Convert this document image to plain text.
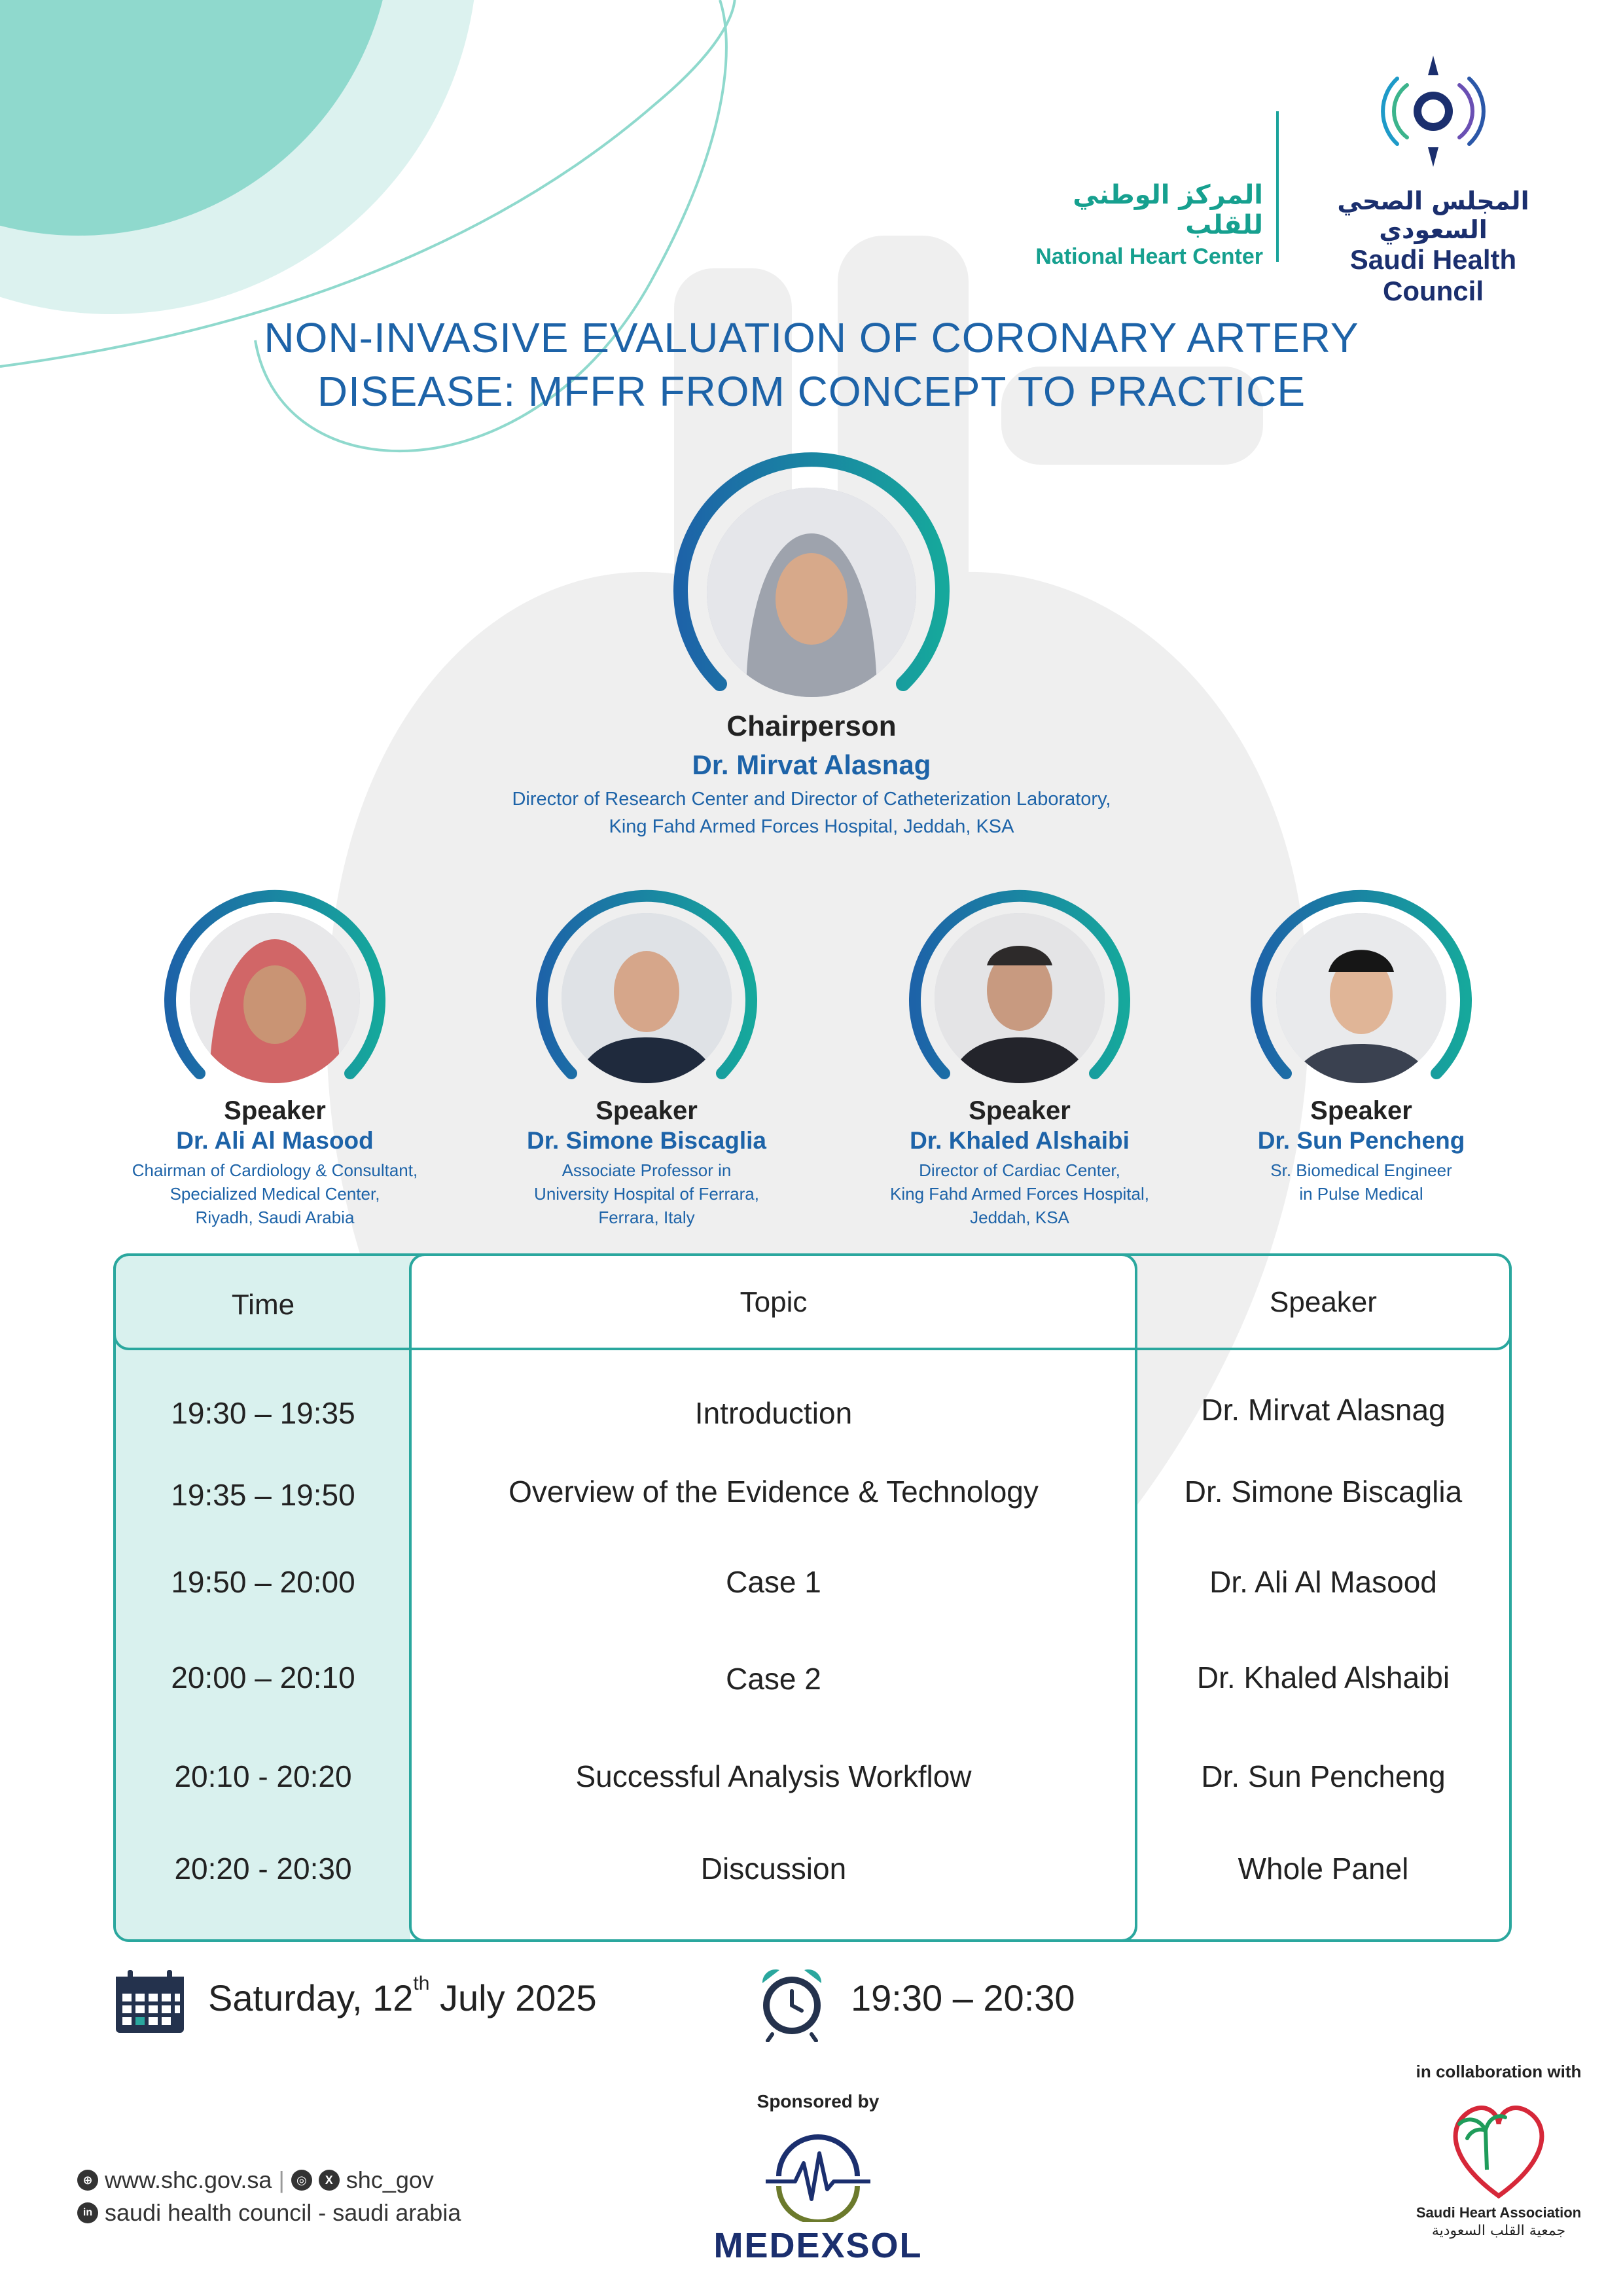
المجلس الصحي السعودي
Saudi Health Council
المركز الوطني للقلب
National Heart Center
NON-INVASIVE EVALUATION OF CORONARY ARTERY
DISEASE: MFFR FROM CONCEPT TO PRACTICE
Chairperson
Dr. Mirvat Alasnag
Director of Research Center and Director of Catheterization Laboratory,
King Fahd Armed Forces Hospital, Jeddah, KSA
Speaker
Dr. Ali Al Masood
Chairman of Cardiology & Consultant,
Specialized Medical Center,
Riyadh, Saudi Arabia
Speaker
Dr. Simone Biscaglia
Associate Professor in
University Hospital of Ferrara,
Ferrara, Italy
Speaker
Dr. Khaled Alshaibi
Director of Cardiac Center,
King Fahd Armed Forces Hospital,
Jeddah, KSA
Speaker
Dr. Sun Pencheng
Sr. Biomedical Engineer
in Pulse Medical
Time	Topic	Speaker
19:30 – 19:35	Introduction	Dr. Mirvat Alasnag
19:35 – 19:50	Overview of the Evidence & Technology	Dr. Simone Biscaglia
19:50 – 20:00	Case 1	Dr. Ali Al Masood
20:00 – 20:10	Case 2	Dr. Khaled Alshaibi
20:10 - 20:20	Successful Analysis Workflow	Dr. Sun Pencheng
20:20 - 20:30	Discussion	Whole Panel
Saturday, 12th July 2025	19:30 – 20:30
Sponsored by
MEDEXSOL
in collaboration with
Saudi Heart Association
جمعية القلب السعودية
⊕ www.shc.gov.sa |	◎	X shc_gov
in saudi health council - saudi arabia
